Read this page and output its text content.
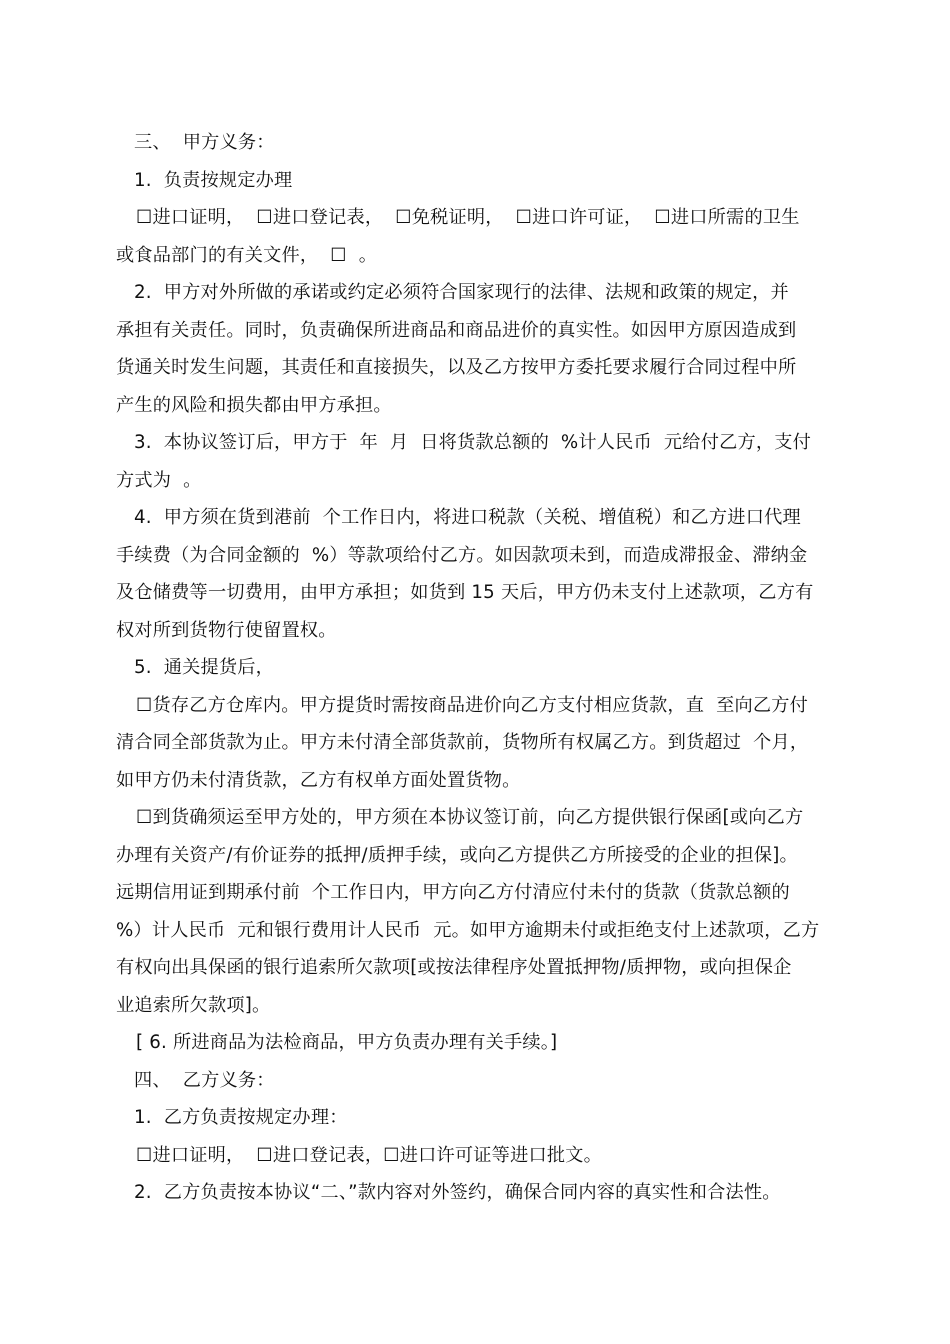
三、  甲方义务：
1.  负责按规定办理
☐进口证明，  ☐进口登记表，  ☐免税证明，  ☐进口许可证，  ☐进口所需的卫生
或食品部门的有关文件，  ☐  。
2.  甲方对外所做的承诺或约定必须符合国家现行的法律、法规和政策的规定，并
承担有关责任。同时，负责确保所进商品和商品进价的真实性。如因甲方原因造成到
货通关时发生问题，其责任和直接损失，以及乙方按甲方委托要求履行合同过程中所
产生的风险和损失都由甲方承担。
3.  本协议签订后，甲方于  年  月  日将货款总额的  %计人民币  元给付乙方，支付
方式为  。
4.  甲方须在货到港前  个工作日内，将进口税款（关税、增值税）和乙方进口代理
手续费（为合同金额的  %）等款项给付乙方。如因款项未到，而造成滞报金、滞纳金
及仓储费等一切费用，由甲方承担；如货到 15 天后，甲方仍未支付上述款项，乙方有
权对所到货物行使留置权。
5.  通关提货后，
☐货存乙方仓库内。甲方提货时需按商品进价向乙方支付相应货款，直  至向乙方付
清合同全部货款为止。甲方未付清全部货款前，货物所有权属乙方。到货超过  个月，
如甲方仍未付清货款，乙方有权单方面处置货物。
☐到货确须运至甲方处的，甲方须在本协议签订前，向乙方提供银行保函[或向乙方
办理有关资产/有价证券的抵押/质押手续，或向乙方提供乙方所接受的企业的担保]。
远期信用证到期承付前  个工作日内，甲方向乙方付清应付未付的货款（货款总额的
%）计人民币  元和银行费用计人民币  元。如甲方逾期未付或拒绝支付上述款项，乙方
有权向出具保函的银行追索所欠款项[或按法律程序处置抵押物/质押物，或向担保企
业追索所欠款项]。
[ 6. 所进商品为法检商品，甲方负责办理有关手续。]
四、  乙方义务：
1.  乙方负责按规定办理：
☐进口证明，  ☐进口登记表，☐进口许可证等进口批文。
2.  乙方负责按本协议“二、”款内容对外签约，确保合同内容的真实性和合法性。
